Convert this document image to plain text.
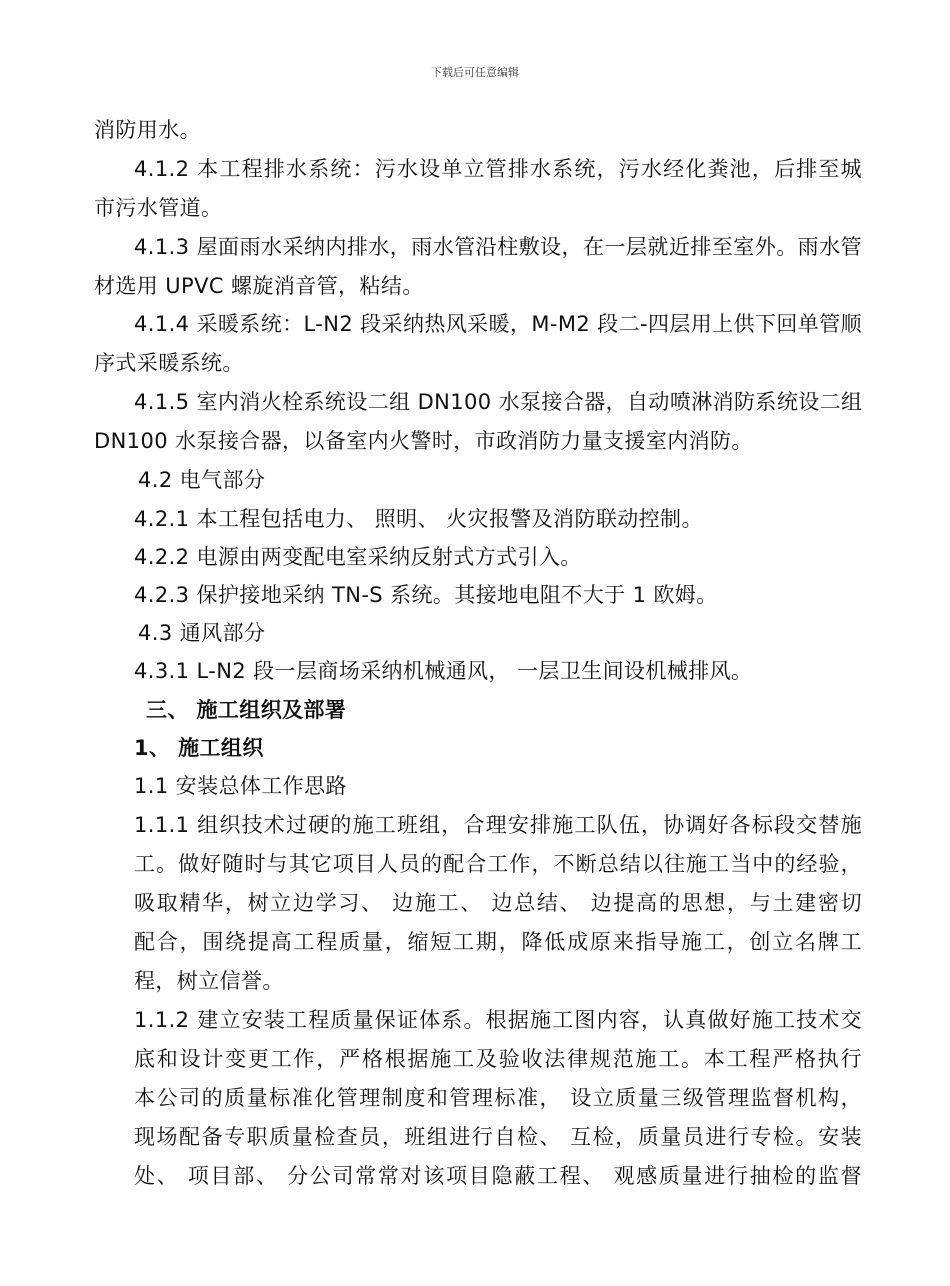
下载后可任意编辑
消防用水。
4.1.2 本工程排水系统：污水设单立管排水系统，污水经化粪池，后排至城
市污水管道。
4.1.3 屋面雨水采纳内排水，雨水管沿柱敷设，在一层就近排至室外。雨水管
材选用 UPVC 螺旋消音管，粘结。
4.1.4 采暖系统：L-N2 段采纳热风采暖，M-M2 段二-四层用上供下回单管顺
序式采暖系统。
4.1.5 室内消火栓系统设二组 DN100 水泵接合器，自动喷淋消防系统设二组
DN100 水泵接合器，以备室内火警时，市政消防力量支援室内消防。
4.2 电气部分
4.2.1 本工程包括电力、 照明、 火灾报警及消防联动控制。
4.2.2 电源由两变配电室采纳反射式方式引入。
4.2.3 保护接地采纳 TN-S 系统。其接地电阻不大于 1 欧姆。
4.3 通风部分
4.3.1 L-N2 段一层商场采纳机械通风， 一层卫生间设机械排风。
三、 施工组织及部署
1、 施工组织
1.1 安装总体工作思路
1.1.1 组织技术过硬的施工班组，合理安排施工队伍，协调好各标段交替施
工。做好随时与其它项目人员的配合工作，不断总结以往施工当中的经验，
吸取精华，树立边学习、 边施工、 边总结、 边提高的思想，与土建密切
配合，围绕提高工程质量，缩短工期，降低成原来指导施工，创立名牌工
程，树立信誉。
1.1.2 建立安装工程质量保证体系。根据施工图内容，认真做好施工技术交
底和设计变更工作，严格根据施工及验收法律规范施工。本工程严格执行
本公司的质量标准化管理制度和管理标准， 设立质量三级管理监督机构，
现场配备专职质量检查员，班组进行自检、 互检，质量员进行专检。安装
处、 项目部、 分公司常常对该项目隐蔽工程、 观感质量进行抽检的监督
